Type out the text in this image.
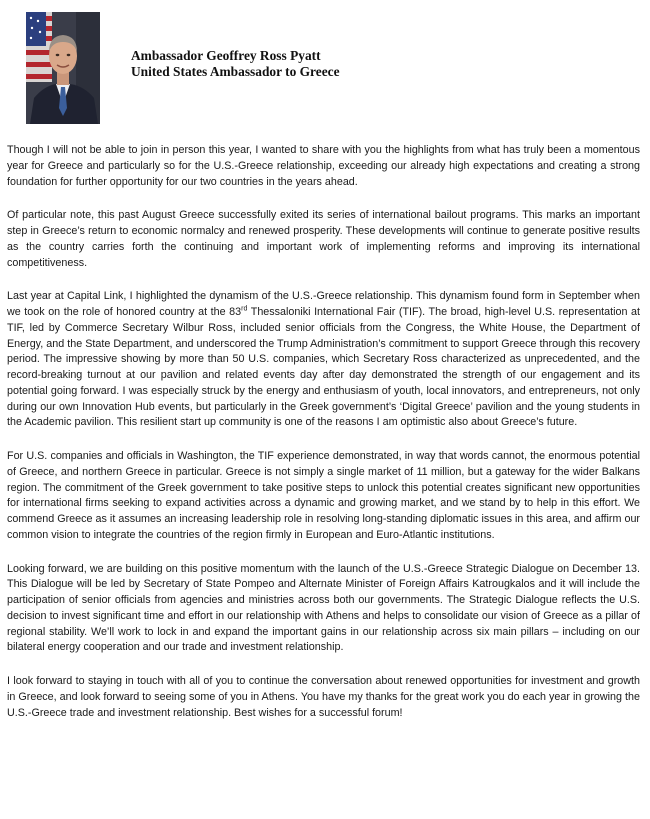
Ambassador Geoffrey Ross Pyatt
United States Ambassador to Greece

Though I will not be able to join in person this year, I wanted to share with you the highlights from what has truly been a momentous year for Greece and particularly so for the U.S.-Greece relationship, exceeding our already high expectations and creating a strong foundation for further opportunity for our two countries in the years ahead.

Of particular note, this past August Greece successfully exited its series of international bailout programs. This marks an important step in Greece’s return to economic normalcy and renewed prosperity. These developments will continue to generate positive results as the country carries forth the continuing and important work of implementing reforms and improving its international competitiveness.

Last year at Capital Link, I highlighted the dynamism of the U.S.-Greece relationship. This dynamism found form in September when we took on the role of honored country at the 83rd Thessaloniki International Fair (TIF). The broad, high-level U.S. representation at TIF, led by Commerce Secretary Wilbur Ross, included senior officials from the Congress, the White House, the Department of Energy, and the State Department, and underscored the Trump Administration’s commitment to support Greece through this recovery period. The impressive showing by more than 50 U.S. companies, which Secretary Ross characterized as unprecedented, and the record-breaking turnout at our pavilion and related events day after day demonstrated the strength of our engagement and its potential going forward. I was especially struck by the energy and enthusiasm of youth, local innovators, and entrepreneurs, not only during our own Innovation Hub events, but particularly in the Greek government’s ‘Digital Greece’ pavilion and the young students in the Academic pavilion. This resilient start up community is one of the reasons I am optimistic also about Greece’s future.

For U.S. companies and officials in Washington, the TIF experience demonstrated, in way that words cannot, the enormous potential of Greece, and northern Greece in particular. Greece is not simply a single market of 11 million, but a gateway for the wider Balkans region. The commitment of the Greek government to take positive steps to unlock this potential creates significant new opportunities for international firms seeking to expand activities across a dynamic and growing market, and we stand by to help in this effort. We commend Greece as it assumes an increasing leadership role in resolving long-standing diplomatic issues in this area, and affirm our common vision to integrate the countries of the region firmly in European and Euro-Atlantic institutions.

Looking forward, we are building on this positive momentum with the launch of the U.S.-Greece Strategic Dialogue on December 13. This Dialogue will be led by Secretary of State Pompeo and Alternate Minister of Foreign Affairs Katrougkalos and it will include the participation of senior officials from agencies and ministries across both our governments. The Strategic Dialogue reflects the U.S. decision to invest significant time and effort in our relationship with Athens and helps to consolidate our vision of Greece as a pillar of regional stability. We’ll work to lock in and expand the important gains in our relationship across six main pillars – including on our bilateral energy cooperation and our trade and investment relationship.

I look forward to staying in touch with all of you to continue the conversation about renewed opportunities for investment and growth in Greece, and look forward to seeing some of you in Athens. You have my thanks for the great work you do each year in growing the U.S.-Greece trade and investment relationship. Best wishes for a successful forum!
